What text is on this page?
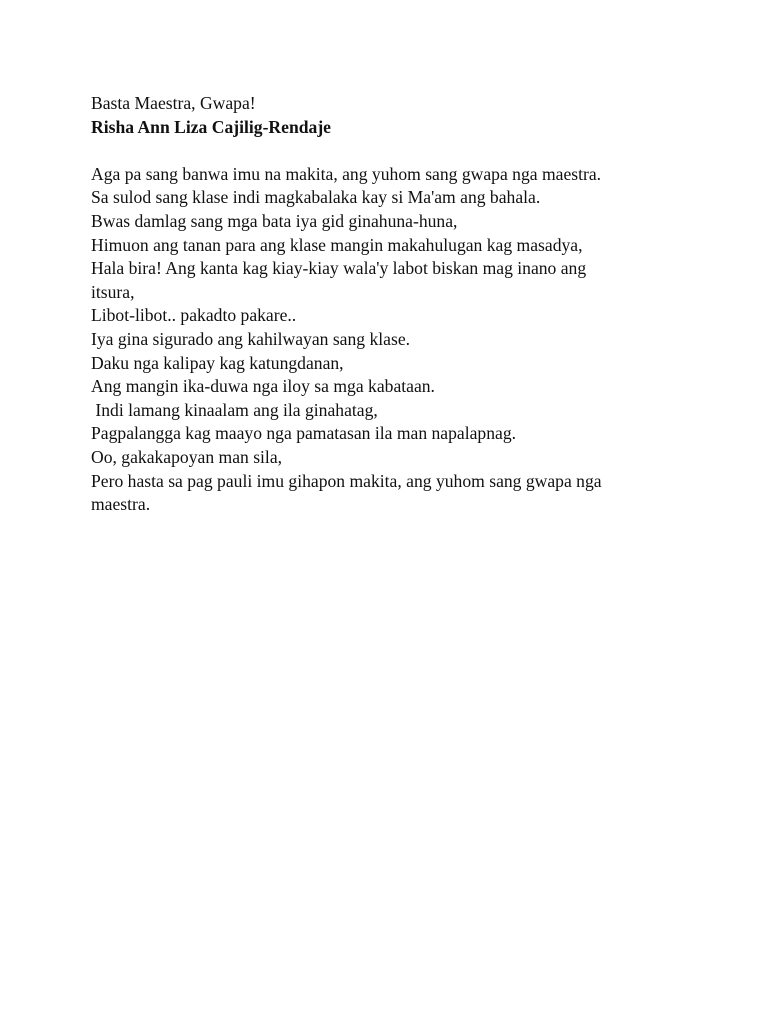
Basta Maestra, Gwapa!
Risha Ann Liza Cajilig-Rendaje
Aga pa sang banwa imu na makita, ang yuhom sang gwapa nga maestra.
Sa sulod sang klase indi magkabalaka kay si Ma'am ang bahala.
Bwas damlag sang mga bata iya gid ginahuna-huna,
Himuon ang tanan para ang klase mangin makahulugan kag masadya,
Hala bira! Ang kanta kag kiay-kiay wala'y labot biskan mag inano ang
itsura,
Libot-libot.. pakadto pakare..
Iya gina sigurado ang kahilwayan sang klase.
Daku nga kalipay kag katungdanan,
Ang mangin ika-duwa nga iloy sa mga kabataan.
Indi lamang kinaalam ang ila ginahatag,
Pagpalangga kag maayo nga pamatasan ila man napalapnag.
Oo, gakakapoyan man sila,
Pero hasta sa pag pauli imu gihapon makita, ang yuhom sang gwapa nga
maestra.
